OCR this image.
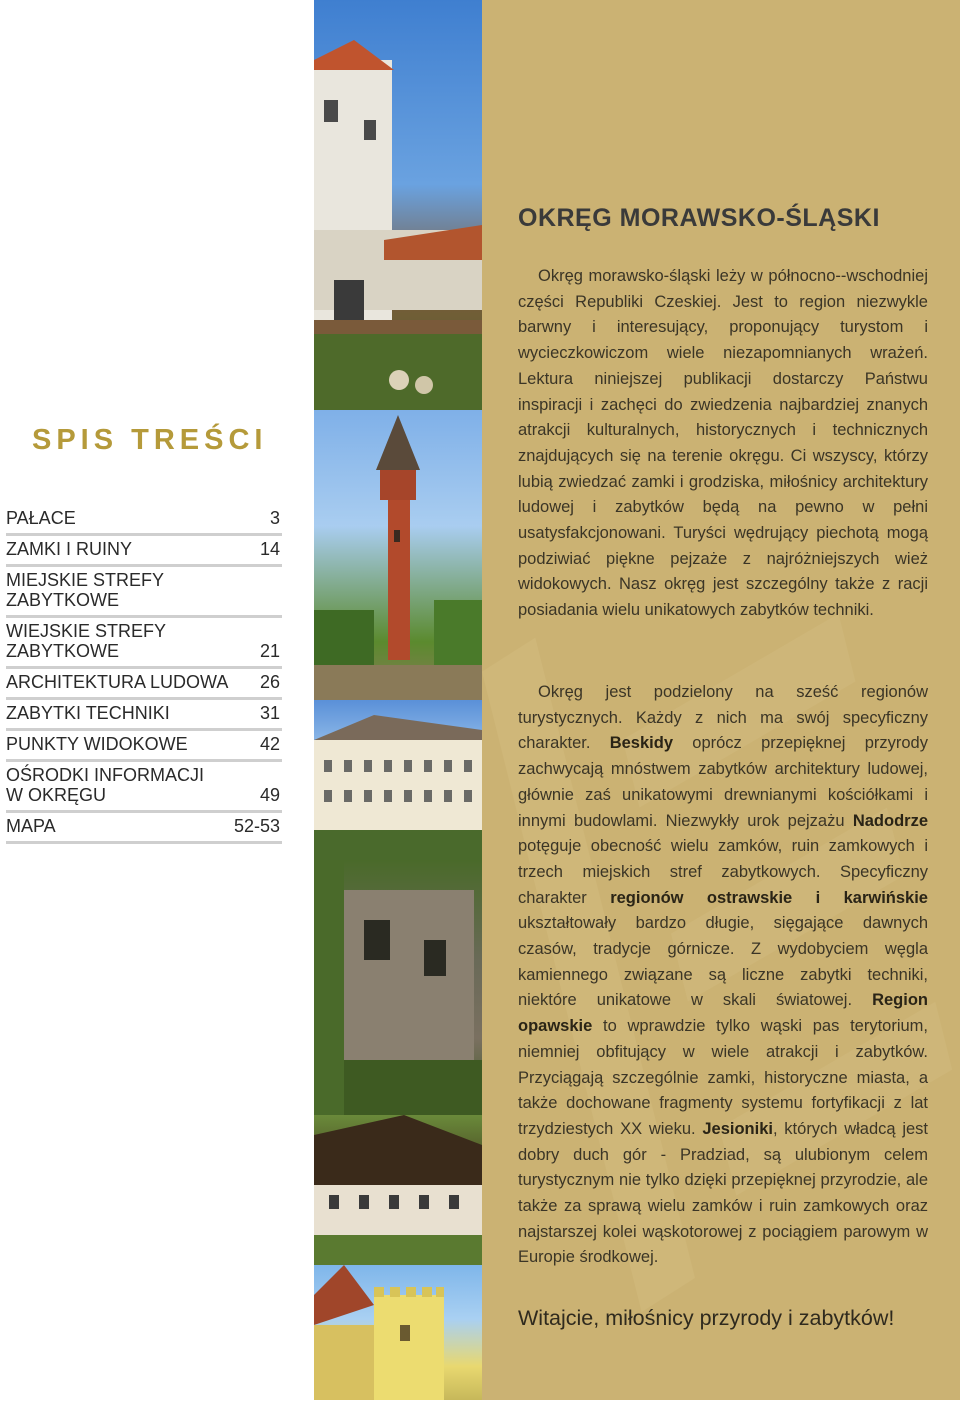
SPIS TREŚCI
PAŁACE	3
ZAMKI I RUINY	14
MIEJSKIE STREFY
ZABYTKOWE
WIEJSKIE STREFY
ZABYTKOWE	21
ARCHITEKTURA LUDOWA 26
ZABYTKI TECHNIKI	31
PUNKTY WIDOKOWE	42
OŚRODKI INFORMACJI
W OKRĘGU	49
MAPA	52-53
OKRĘG MORAWSKO-ŚLĄSKI
Okręg morawsko-śląski leży w północno--wschodniej części Republiki Czeskiej. Jest to region niezwykle barwny i interesujący, proponujący turystom i wycieczkowiczom wiele niezapomnianych wrażeń. Lektura niniejszej publikacji dostarczy Państwu inspiracji i zachęci do zwiedzenia najbardziej znanych atrakcji kulturalnych, historycznych i technicznych znajdujących się na terenie okręgu. Ci wszyscy, którzy lubią zwiedzać zamki i grodziska, miłośnicy architektury ludowej i zabytków będą na pewno w pełni usatysfakcjonowani. Turyści wędrujący piechotą mogą podziwiać piękne pejzaże z najróżniejszych wież widokowych. Nasz okręg jest szczególny także z racji posiadania wielu unikatowych zabytków techniki.
Okręg jest podzielony na sześć regionów turystycznych. Każdy z nich ma swój specyficzny charakter. Beskidy oprócz przepięknej przyrody zachwycają mnóstwem zabytków architektury ludowej, głównie zaś unikatowymi drewnianymi kościółkami i innymi budowlami. Niezwykły urok pejzażu Nadodrze potęguje obecność wielu zamków, ruin zamkowych i trzech miejskich stref zabytkowych. Specyficzny charakter regionów ostrawskie i karwińskie ukształtowały bardzo długie, sięgające dawnych czasów, tradycje górnicze. Z wydobyciem węgla kamiennego związane są liczne zabytki techniki, niektóre unikatowe w skali światowej. Region opawskie to wprawdzie tylko wąski pas terytorium, niemniej obfitujący w wiele atrakcji i zabytków. Przyciągają szczególnie zamki, historyczne miasta, a także dochowane fragmenty systemu fortyfikacji z lat trzydziestych XX wieku. Jesioniki, których władcą jest dobry duch gór - Pradziad, są ulubionym celem turystycznym nie tylko dzięki przepięknej przyrodzie, ale także za sprawą wielu zamków i ruin zamkowych oraz najstarszej kolei wąskotorowej z pociągiem parowym w Europie środkowej.
Witajcie, miłośnicy przyrody i zabytków!
